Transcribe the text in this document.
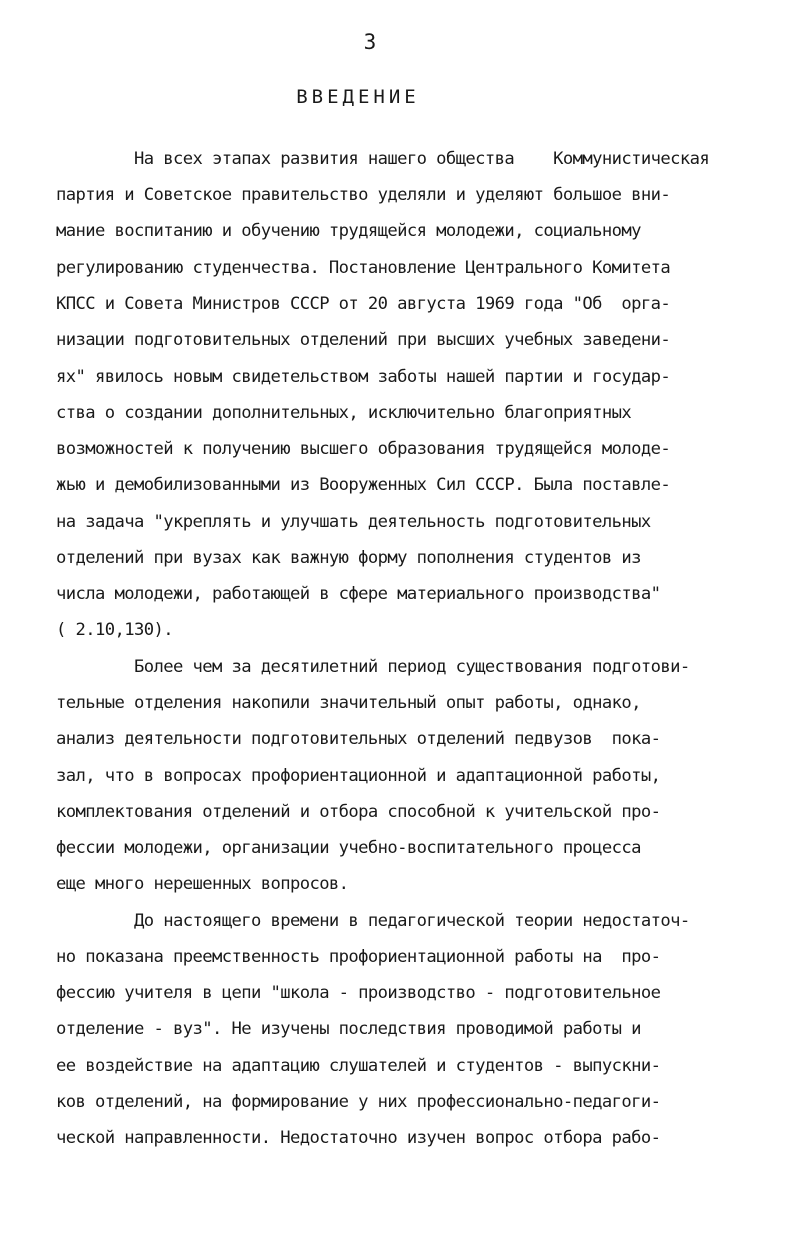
3
ВВЕДЕНИЕ
На всех этапах развития нашего общества    Коммунистическая
партия и Советское правительство уделяли и уделяют большое вни-
мание воспитанию и обучению трудящейся молодежи, социальному
регулированию студенчества. Постановление Центрального Комитета
КПСС и Совета Министров СССР от 20 августа 1969 года "Об  орга-
низации подготовительных отделений при высших учебных заведени-
ях" явилось новым свидетельством заботы нашей партии и государ-
ства о создании дополнительных, исключительно благоприятных
возможностей к получению высшего образования трудящейся молоде-
жью и демобилизованными из Вооруженных Сил СССР. Была поставле-
на задача "укреплять и улучшать деятельность подготовительных
отделений при вузах как важную форму пополнения студентов из
числа молодежи, работающей в сфере материального производства"
( 2.10,130).
Более чем за десятилетний период существования подготови-
тельные отделения накопили значительный опыт работы, однако,
анализ деятельности подготовительных отделений педвузов  пока-
зал, что в вопросах профориентационной и адаптационной работы,
комплектования отделений и отбора способной к учительской про-
фессии молодежи, организации учебно-воспитательного процесса
еще много нерешенных вопросов.
До настоящего времени в педагогической теории недостаточ-
но показана преемственность профориентационной работы на  про-
фессию учителя в цепи "школа - производство - подготовительное
отделение - вуз". Не изучены последствия проводимой работы и
ее воздействие на адаптацию слушателей и студентов - выпускни-
ков отделений, на формирование у них профессионально-педагоги-
ческой направленности. Недостаточно изучен вопрос отбора рабо-
